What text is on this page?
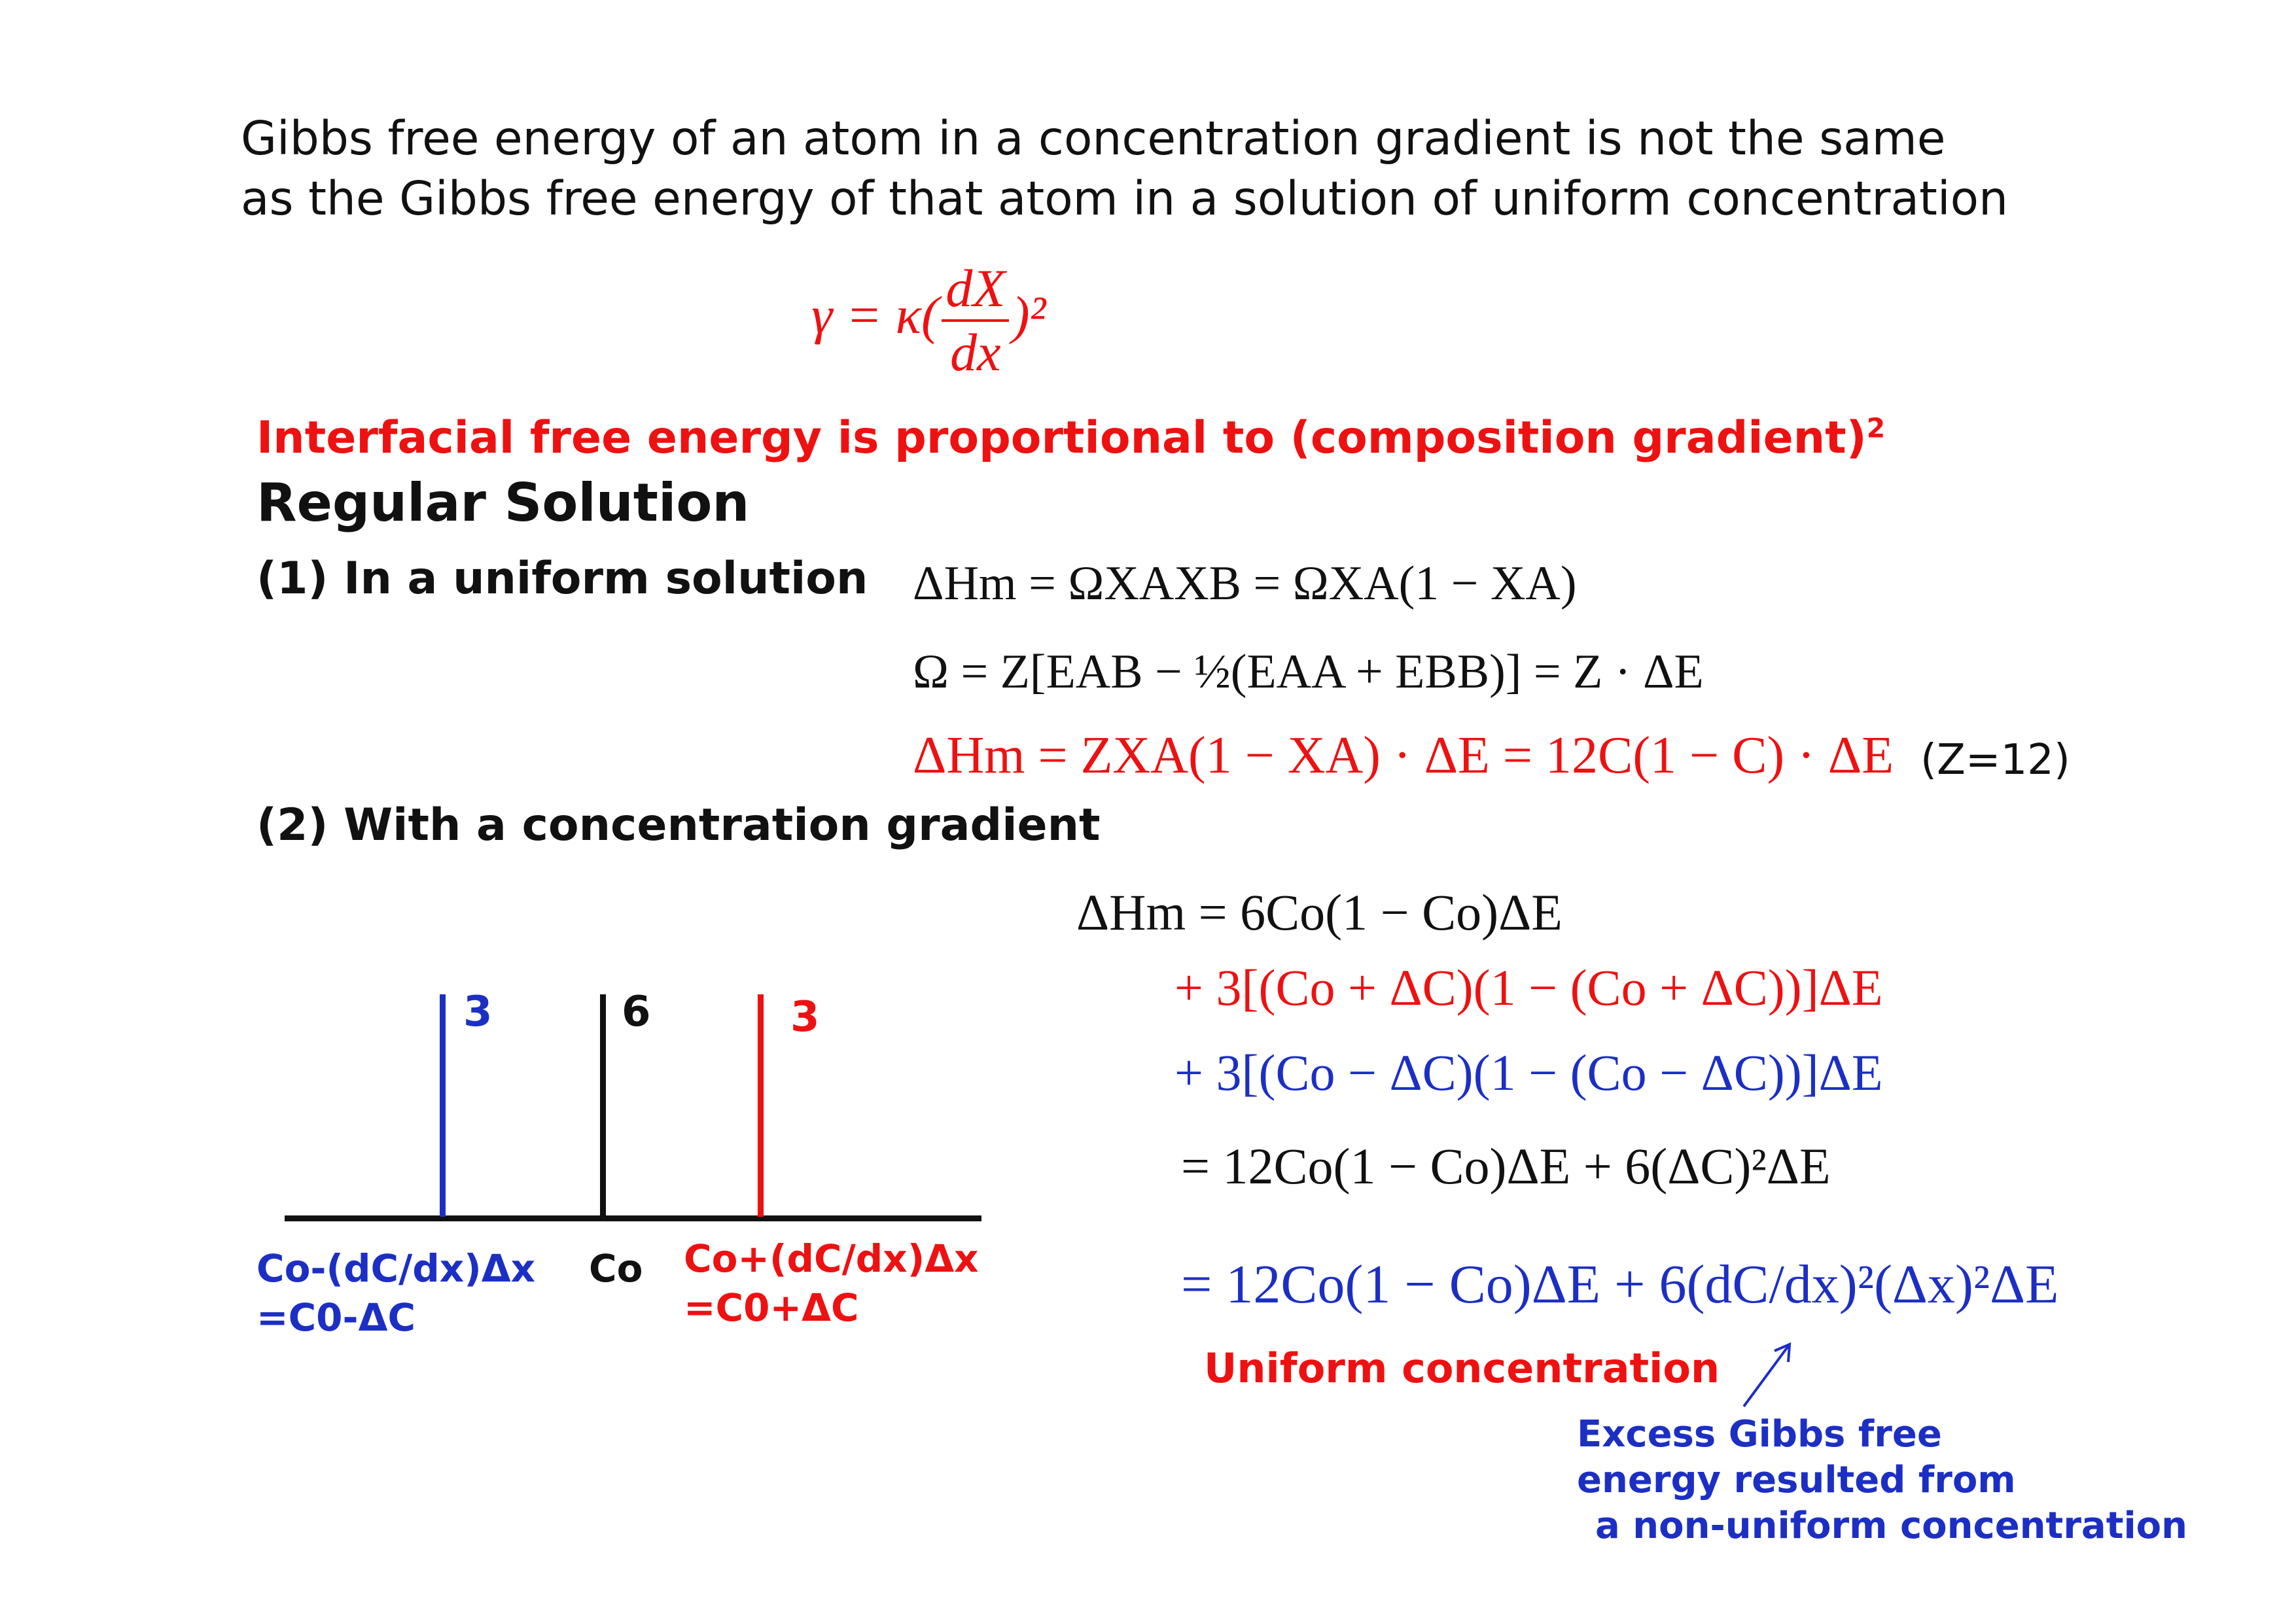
Gibbs free energy of an atom in a concentration gradient is not the same
as the Gibbs free energy of that atom in a solution of uniform concentration
$\gamma = \kappa( \frac{dX}{dx} )^2$
Interfacial free energy is proportional to (composition gradient)$^2$
Regular Solution
(1) In a uniform solution ΔHm = ΩXAXB = ΩXA(1 − XA)
Ω = Z[EAB − ½(EAA + EBB)] = Z · ΔE
ΔHm = ZXA(1 − XA) · ΔE = 12C(1 − C) · ΔE (Z=12)
(2) With a concentration gradient
ΔHm = 6Co(1 − Co)ΔE
+ 3[(Co + ΔC)(1 − (Co + ΔC))]ΔE
+ 3[(Co − ΔC)(1 − (Co − ΔC))]ΔE
= 12Co(1 − Co)ΔE + 6(ΔC)²ΔE
= 12Co(1 − Co)ΔE + 6(dC/dx)²(Δx)²ΔE
Uniform concentration
Excess Gibbs free
energy resulted from
a non-uniform concentration
3	6	3
Co-(dC/dx)Δx
=C0-ΔC
Co Co+(dC/dx)Δx
=C0+ΔC
